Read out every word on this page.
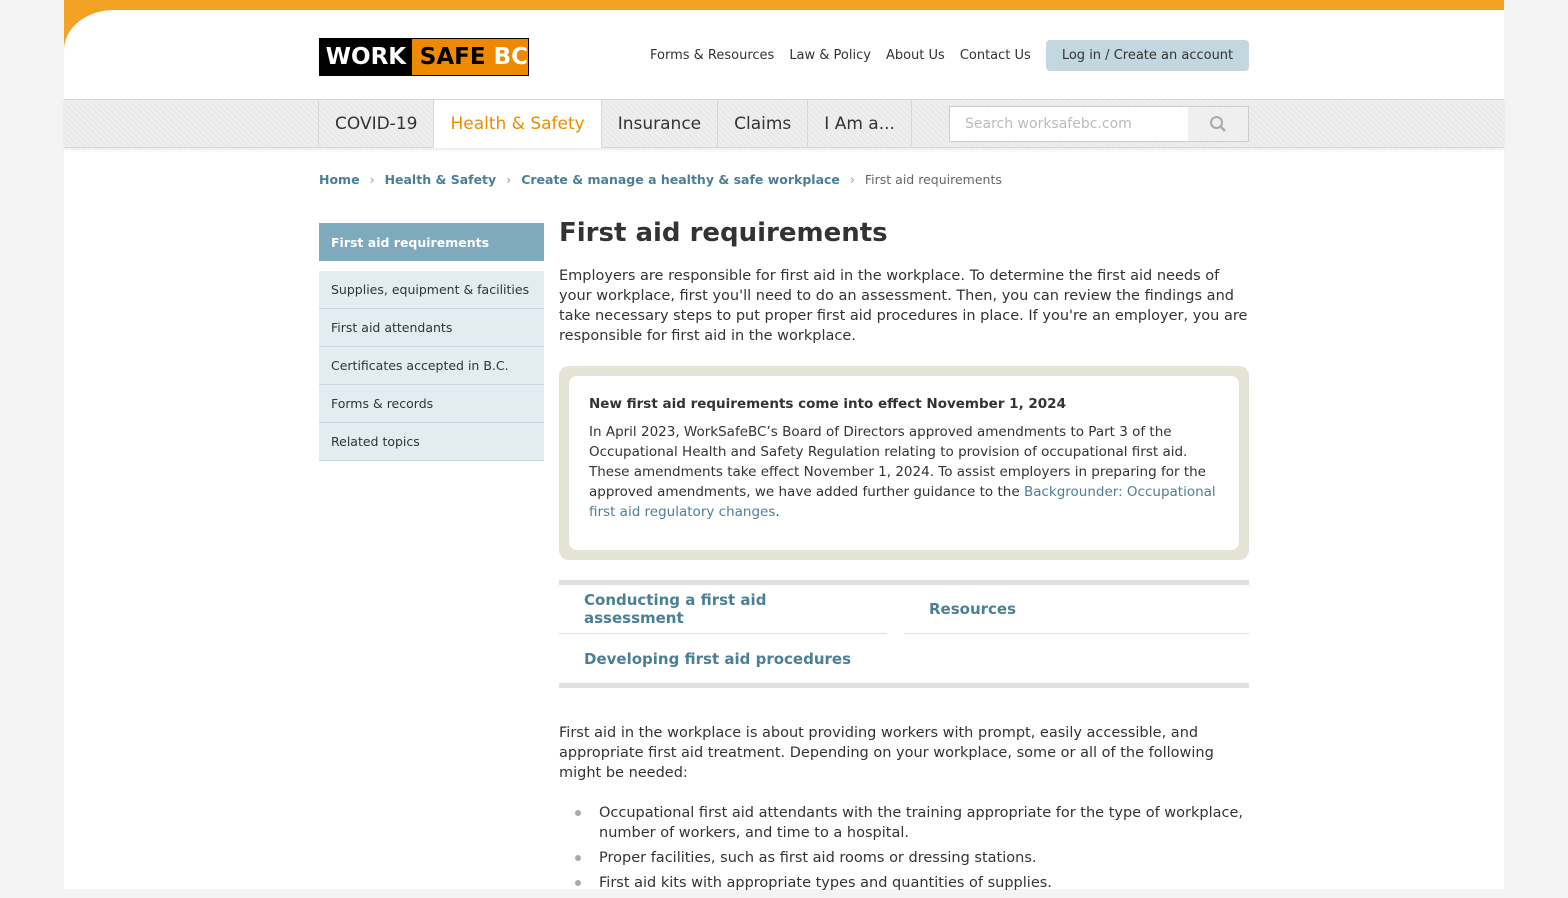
WORK SAFE BC	Forms & Resources Law & Policy About Us Contact Us	Log in / Create an account
COVID-19	Health & Safety	Insurance	Claims	I Am a...
Search worksafebc.com
Home › Health & Safety › Create & manage a healthy & safe workplace › First aid requirements
First aid requirements
Supplies, equipment & facilities
First aid attendants
Certificates accepted in B.C.
Forms & records
Related topics
First aid requirements

Employers are responsible for first aid in the workplace. To determine the first aid needs of your workplace, first you'll need to do an assessment. Then, you can review the findings and take necessary steps to put proper first aid procedures in place. If you're an employer, you are responsible for first aid in the workplace.

New first aid requirements come into effect November 1, 2024

In April 2023, WorkSafeBC’s Board of Directors approved amendments to Part 3 of the Occupational Health and Safety Regulation relating to provision of occupational first aid. These amendments take effect November 1, 2024. To assist employers in preparing for the approved amendments, we have added further guidance to the Backgrounder: Occupational first aid regulatory changes.

Conducting a first aid assessment	Resources
Developing first aid procedures

First aid in the workplace is about providing workers with prompt, easily accessible, and appropriate first aid treatment. Depending on your workplace, some or all of the following might be needed:

Occupational first aid attendants with the training appropriate for the type of workplace, number of workers, and time to a hospital.
Proper facilities, such as first aid rooms or dressing stations.
First aid kits with appropriate types and quantities of supplies.
